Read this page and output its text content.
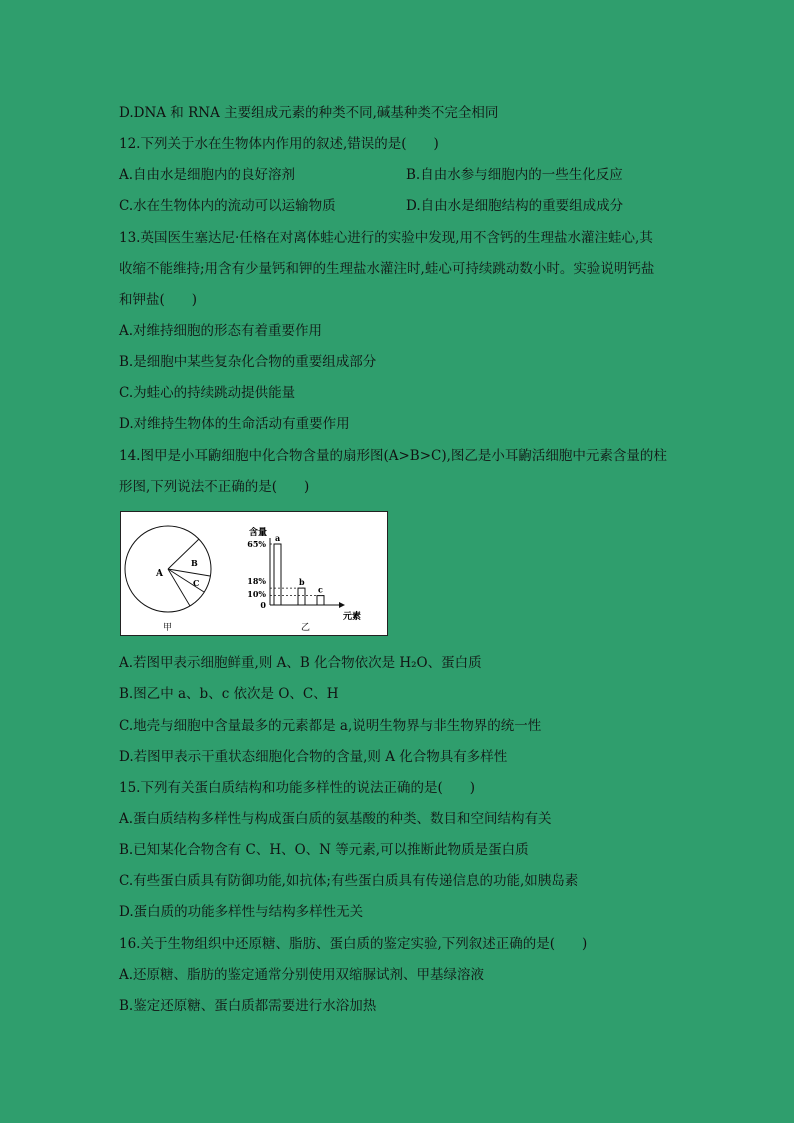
D.DNA 和 RNA 主要组成元素的种类不同,碱基种类不完全相同
12.下列关于水在生物体内作用的叙述,错误的是(　　)
A.自由水是细胞内的良好溶剂	B.自由水参与细胞内的一些生化反应
C.水在生物体内的流动可以运输物质	D.自由水是细胞结构的重要组成成分
13.英国医生塞达尼·任格在对离体蛙心进行的实验中发现,用不含钙的生理盐水灌注蛙心,其
收缩不能维持;用含有少量钙和钾的生理盐水灌注时,蛙心可持续跳动数小时。实验说明钙盐
和钾盐(　　)
A.对维持细胞的形态有着重要作用
B.是细胞中某些复杂化合物的重要组成部分
C.为蛙心的持续跳动提供能量
D.对维持生物体的生命活动有重要作用
14.图甲是小耳鼩细胞中化合物含量的扇形图(A>B>C),图乙是小耳鼩活细胞中元素含量的柱
形图,下列说法不正确的是(　　)
A
B
C
甲
含量
元素
乙
65%
18%
10%
0
a
b
c
A.若图甲表示细胞鲜重,则 A、B 化合物依次是 H₂O、蛋白质
B.图乙中 a、b、c 依次是 O、C、H
C.地壳与细胞中含量最多的元素都是 a,说明生物界与非生物界的统一性
D.若图甲表示干重状态细胞化合物的含量,则 A 化合物具有多样性
15.下列有关蛋白质结构和功能多样性的说法正确的是(　　)
A.蛋白质结构多样性与构成蛋白质的氨基酸的种类、数目和空间结构有关
B.已知某化合物含有 C、H、O、N 等元素,可以推断此物质是蛋白质
C.有些蛋白质具有防御功能,如抗体;有些蛋白质具有传递信息的功能,如胰岛素
D.蛋白质的功能多样性与结构多样性无关
16.关于生物组织中还原糖、脂肪、蛋白质的鉴定实验,下列叙述正确的是(　　)
A.还原糖、脂肪的鉴定通常分别使用双缩脲试剂、甲基绿溶液
B.鉴定还原糖、蛋白质都需要进行水浴加热
